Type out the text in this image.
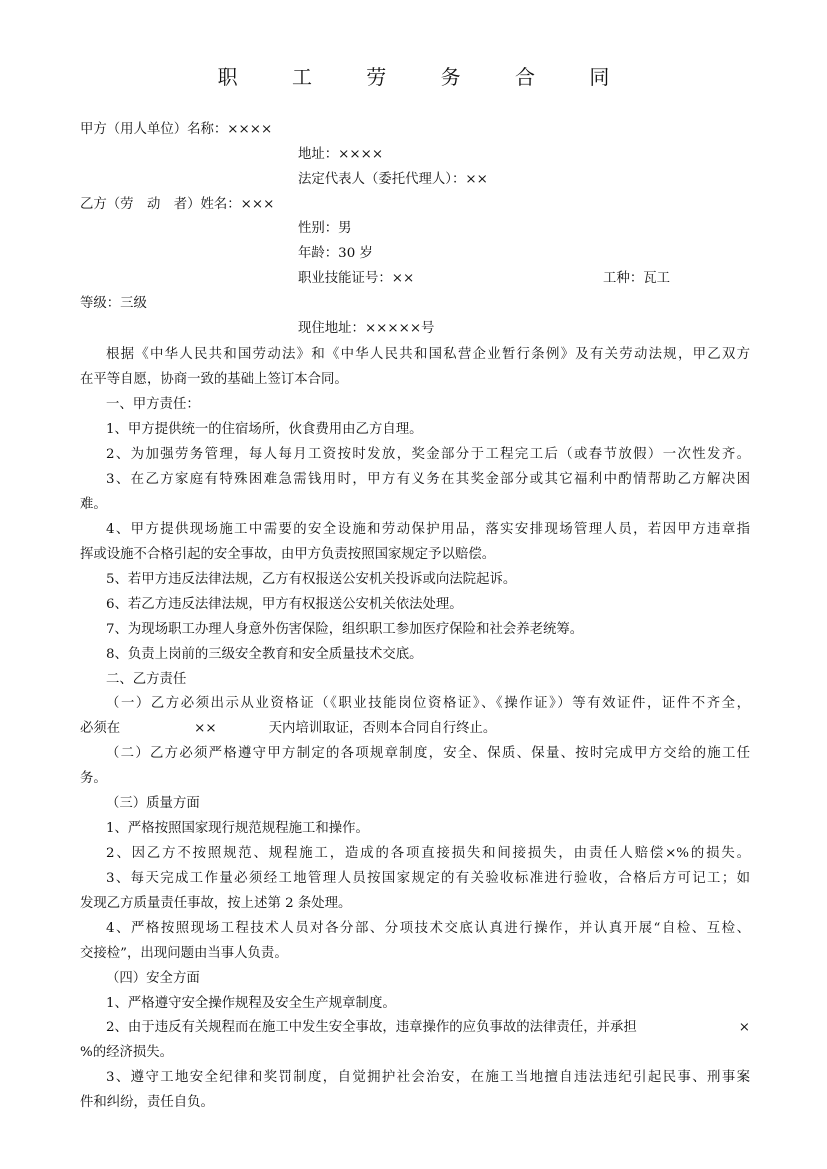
职 工 劳 务 合 同
甲方（用人单位）名称：××××
地址：××××
法定代表人（委托代理人）：××
乙方（劳　动　者）姓名：×××
性别：男
年龄：30 岁
职业技能证号：××	工种：瓦工
等级：三级
现住地址：×××××号
根据《中华人民共和国劳动法》和《中华人民共和国私营企业暂行条例》及有关劳动法规，甲乙双方
在平等自愿，协商一致的基础上签订本合同。
一、甲方责任：
1、甲方提供统一的住宿场所，伙食费用由乙方自理。
2、为加强劳务管理，每人每月工资按时发放，奖金部分于工程完工后（或春节放假）一次性发齐。
3、在乙方家庭有特殊困难急需钱用时，甲方有义务在其奖金部分或其它福利中酌情帮助乙方解决困
难。
4、甲方提供现场施工中需要的安全设施和劳动保护用品，落实安排现场管理人员，若因甲方违章指
挥或设施不合格引起的安全事故，由甲方负责按照国家规定予以赔偿。
5、若甲方违反法律法规，乙方有权报送公安机关投诉或向法院起诉。
6、若乙方违反法律法规，甲方有权报送公安机关依法处理。
7、为现场职工办理人身意外伤害保险，组织职工参加医疗保险和社会养老统筹。
8、负责上岗前的三级安全教育和安全质量技术交底。
二、乙方责任
（一）乙方必须出示从业资格证（《职业技能岗位资格证》、《操作证》）等有效证件，证件不齐全，
必须在	××	天内培训取证，否则本合同自行终止。
（二）乙方必须严格遵守甲方制定的各项规章制度，安全、保质、保量、按时完成甲方交给的施工任
务。
（三）质量方面
1、严格按照国家现行规范规程施工和操作。
2、因乙方不按照规范、规程施工，造成的各项直接损失和间接损失，由责任人赔偿×%的损失。
3、每天完成工作量必须经工地管理人员按国家规定的有关验收标准进行验收，合格后方可记工；如
发现乙方质量责任事故，按上述第 2 条处理。
4、严格按照现场工程技术人员对各分部、分项技术交底认真进行操作，并认真开展“自检、互检、
交接检”，出现问题由当事人负责。
（四）安全方面
1、严格遵守安全操作规程及安全生产规章制度。
2、由于违反有关规程而在施工中发生安全事故，违章操作的应负事故的法律责任，并承担	×
%的经济损失。
3、遵守工地安全纪律和奖罚制度，自觉拥护社会治安，在施工当地擅自违法违纪引起民事、刑事案
件和纠纷，责任自负。
